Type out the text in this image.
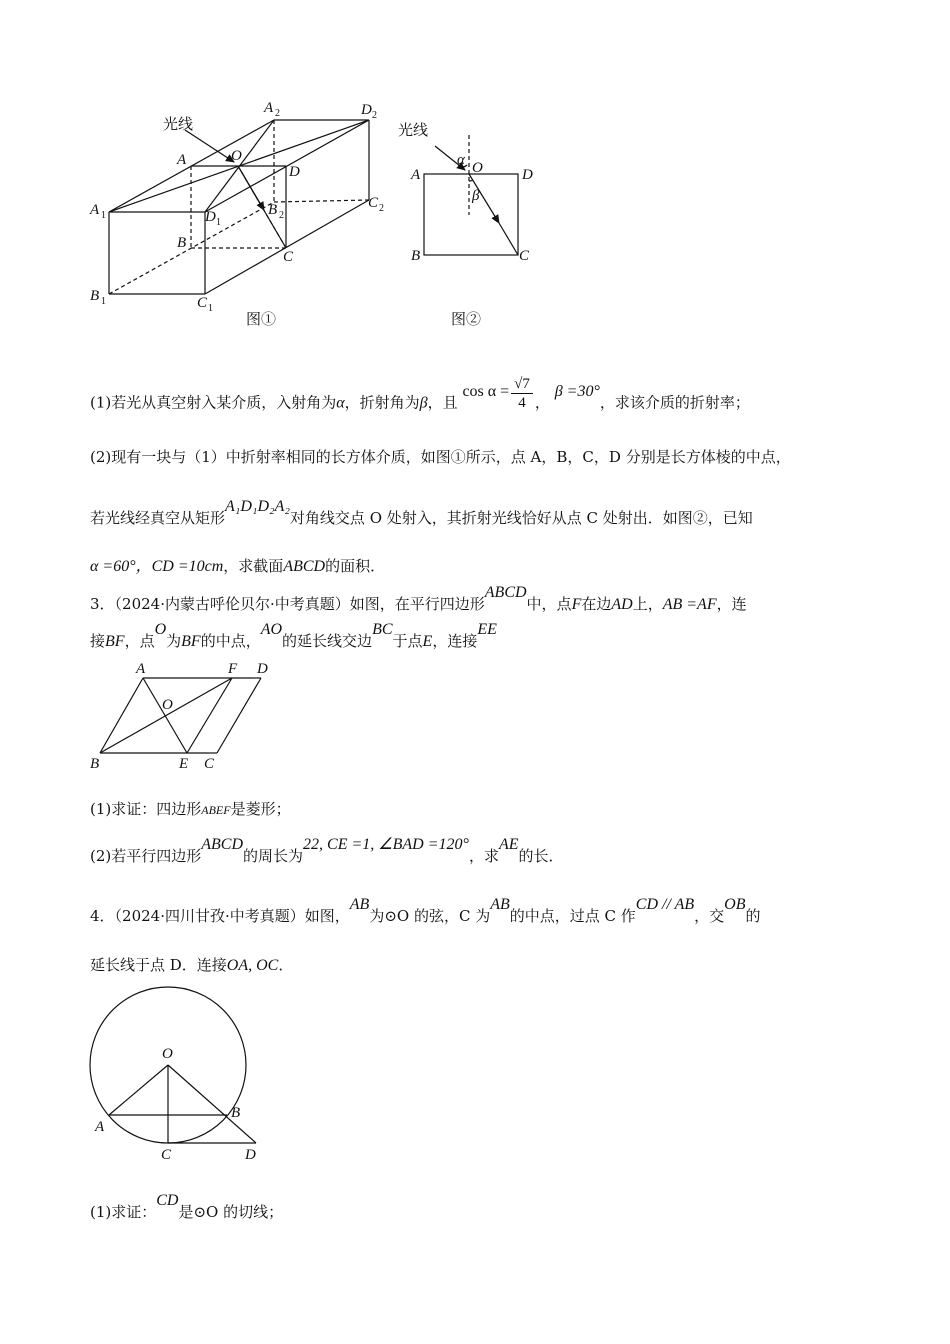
光线
A 2	D 2
A	O
D
A 1	D 1
B 2
C 2
B
C
B 1	C 1
图①
光线
α O
β
A	D
B	C
图②
(1)若光从真空射入某介质，入射角为α，折射角为β，且 $\cos \alpha = \frac{√7}{4}$ ， β =30°，求该介质的折射率；
(2)现有一块与（1）中折射率相同的长方体介质，如图①所示，点 A，B，C，D 分别是长方体棱的中点，
若光线经真空从矩形A₁D₁D₂A₂对角线交点 O 处射入，其折射光线恰好从点 C 处射出．如图②，已知
α =60°，CD =10cm，求截面ABCD的面积．
3．（2024·内蒙古呼伦贝尔·中考真题）如图，在平行四边形ABCD中，点F在边AD上，AB =AF，连
接BF，点O为BF的中点，AO的延长线交边BC于点E，连接EE
A	F D
O
B	E C
(1)求证：四边形ABEF是菱形；
(2)若平行四边形ABCD的周长为22, CE =1, ∠BAD =120°，求AE的长．
4．（2024·四川甘孜·中考真题）如图，AB为⊙O 的弦，C 为AB的中点，过点 C 作CD // AB，交OB的
延长线于点 D．连接OA, OC．
O
A
B
C	D
(1)求证：CD是⊙O 的切线；
